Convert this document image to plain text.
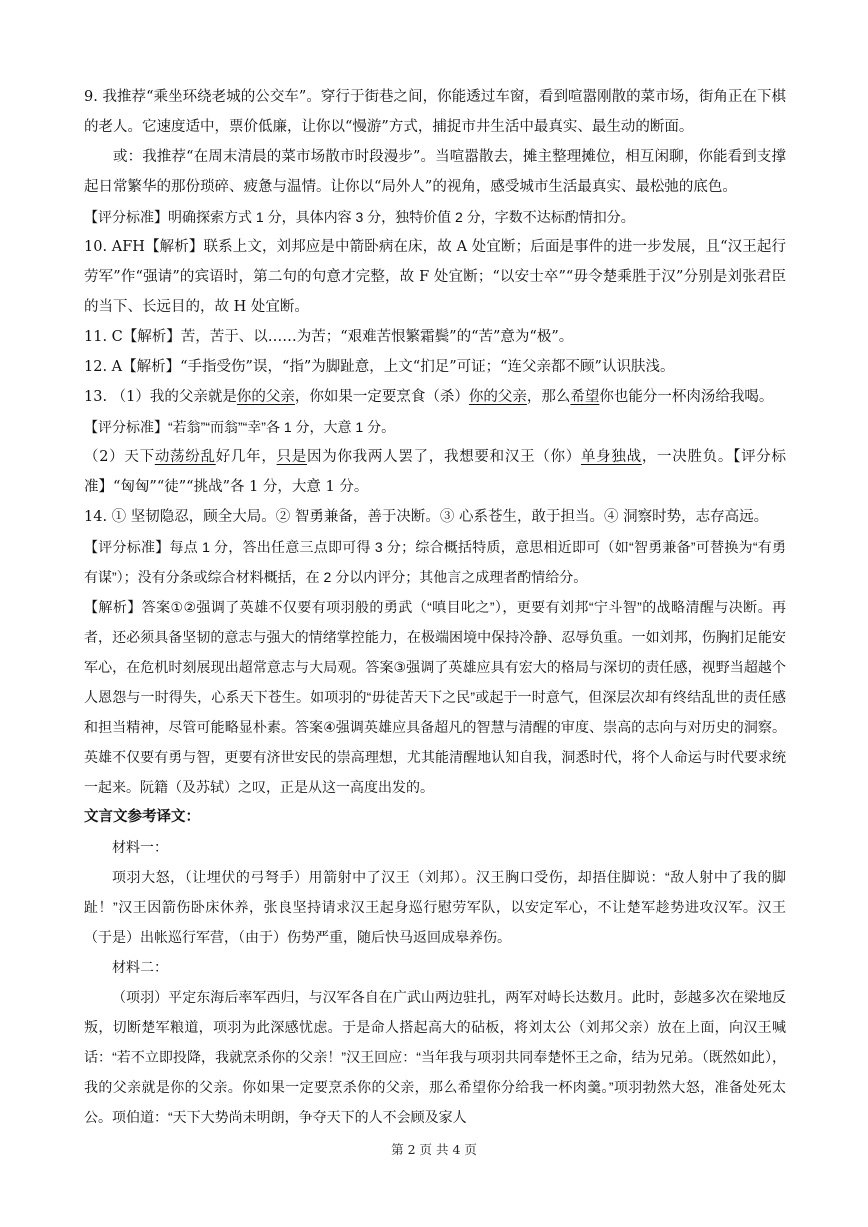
9. 我推荐“乘坐环绕老城的公交车”。穿行于街巷之间，你能透过车窗，看到喧嚣刚散的菜市场，街角正在下棋的老人。它速度适中，票价低廉，让你以“慢游”方式，捕捉市井生活中最真实、最生动的断面。

或：我推荐“在周末清晨的菜市场散市时段漫步”。当喧嚣散去，摊主整理摊位，相互闲聊，你能看到支撑起日常繁华的那份琐碎、疲惫与温情。让你以“局外人”的视角，感受城市生活最真实、最松弛的底色。

【评分标准】明确探索方式 1 分，具体内容 3 分，独特价值 2 分，字数不达标酌情扣分。

10. AFH【解析】联系上文，刘邦应是中箭卧病在床，故 A 处宜断；后面是事件的进一步发展，且“汉王起行劳军”作“强请”的宾语时，第二句的句意才完整，故 F 处宜断；“以安士卒”“毋令楚乘胜于汉”分别是刘张君臣的当下、长远目的，故 H 处宜断。

11. C【解析】苦，苦于、以……为苦；“艰难苦恨繁霜鬓”的“苦”意为“极”。

12. A【解析】“手指受伤”误，“指”为脚趾意，上文“扪足”可证；“连父亲都不顾”认识肤浅。

13. （1）我的父亲就是你的父亲，你如果一定要烹食（杀）你的父亲，那么希望你也能分一杯肉汤给我喝。

【评分标准】“若翁”“而翁”“幸”各 1 分，大意 1 分。

（2）天下动荡纷乱好几年，只是因为你我两人罢了，我想要和汉王（你）单身独战，一决胜负。【评分标准】“匈匈”“徒”“挑战”各 1 分，大意 1 分。

14. ① 坚韧隐忍，顾全大局。② 智勇兼备，善于决断。③ 心系苍生，敢于担当。④ 洞察时势，志存高远。

【评分标准】每点 1 分，答出任意三点即可得 3 分；综合概括特质，意思相近即可（如“智勇兼备”可替换为“有勇有谋”）；没有分条或综合材料概括，在 2 分以内评分；其他言之成理者酌情给分。

【解析】答案①②强调了英雄不仅要有项羽般的勇武（“嗔目叱之”），更要有刘邦“宁斗智”的战略清醒与决断。再者，还必须具备坚韧的意志与强大的情绪掌控能力，在极端困境中保持冷静、忍辱负重。一如刘邦，伤胸扪足能安军心，在危机时刻展现出超常意志与大局观。答案③强调了英雄应具有宏大的格局与深切的责任感，视野当超越个人恩怨与一时得失，心系天下苍生。如项羽的“毋徒苦天下之民”或起于一时意气，但深层次却有终结乱世的责任感和担当精神，尽管可能略显朴素。答案④强调英雄应具备超凡的智慧与清醒的审度、崇高的志向与对历史的洞察。英雄不仅要有勇与智，更要有济世安民的崇高理想，尤其能清醒地认知自我，洞悉时代，将个人命运与时代要求统一起来。阮籍（及苏轼）之叹，正是从这一高度出发的。

文言文参考译文：

材料一：

项羽大怒，（让埋伏的弓弩手）用箭射中了汉王（刘邦）。汉王胸口受伤，却捂住脚说：“敌人射中了我的脚趾！”汉王因箭伤卧床休养，张良坚持请求汉王起身巡行慰劳军队，以安定军心，不让楚军趁势进攻汉军。汉王（于是）出帐巡行军营，（由于）伤势严重，随后快马返回成皋养伤。

材料二：

（项羽）平定东海后率军西归，与汉军各自在广武山两边驻扎，两军对峙长达数月。此时，彭越多次在梁地反叛，切断楚军粮道，项羽为此深感忧虑。于是命人搭起高大的砧板，将刘太公（刘邦父亲）放在上面，向汉王喊话：“若不立即投降，我就烹杀你的父亲！”汉王回应：“当年我与项羽共同奉楚怀王之命，结为兄弟。（既然如此），我的父亲就是你的父亲。你如果一定要烹杀你的父亲，那么希望你分给我一杯肉羹。”项羽勃然大怒，准备处死太公。项伯道：“天下大势尚未明朗，争夺天下的人不会顾及家人

第 2 页 共 4 页
